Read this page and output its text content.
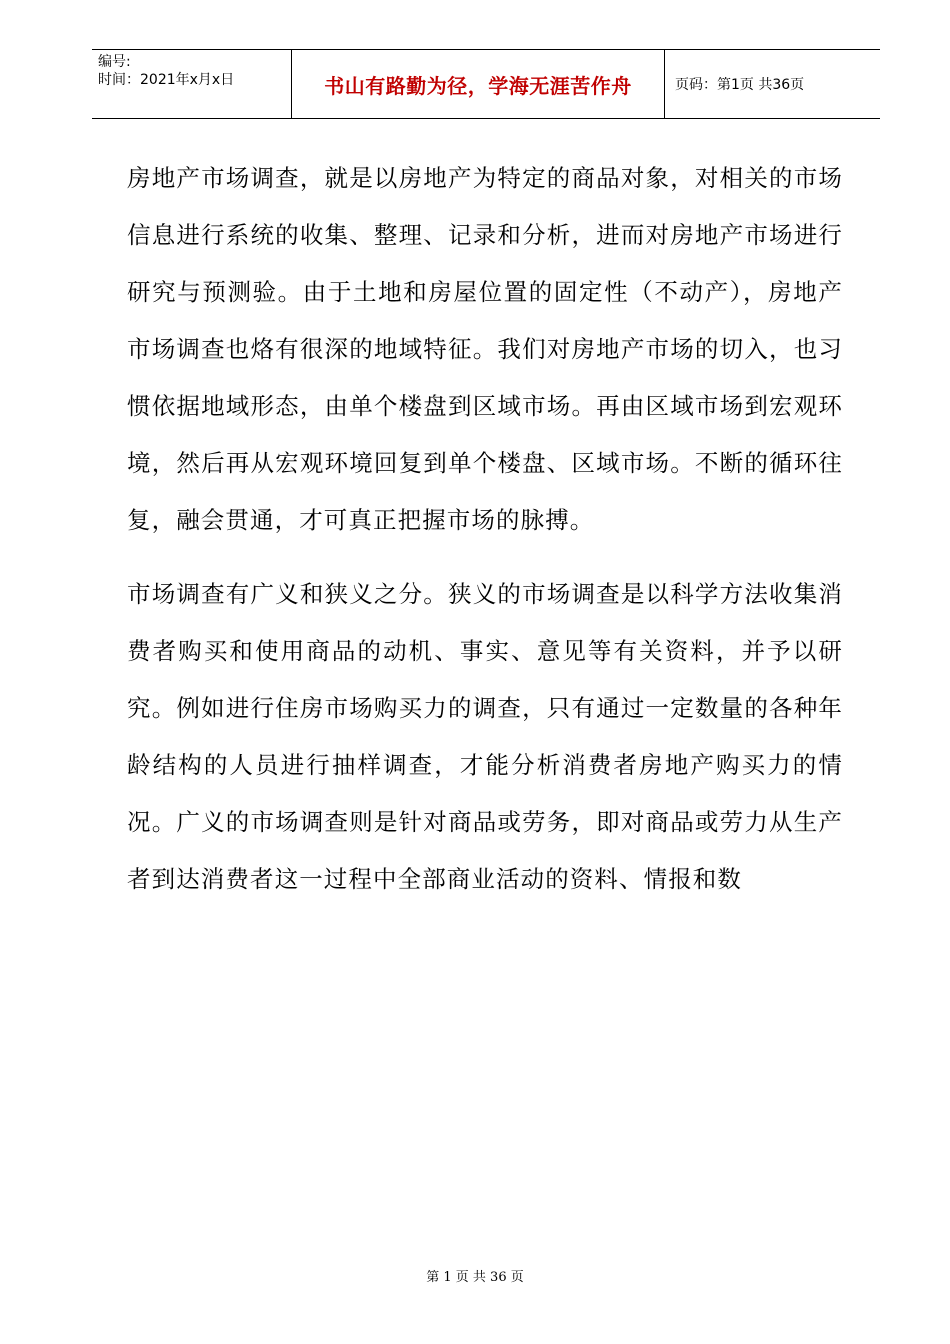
编号:
时间：2021年x月x日	书山有路勤为径，学海无涯苦作舟	页码：第1页 共36页

房地产市场调查，就是以房地产为特定的商品对象，对相关的市场信息进行系统的收集、整理、记录和分析，进而对房地产市场进行研究与预测验。由于土地和房屋位置的固定性（不动产），房地产市场调查也烙有很深的地域特征。我们对房地产市场的切入，也习惯依据地域形态，由单个楼盘到区域市场。再由区域市场到宏观环境，然后再从宏观环境回复到单个楼盘、区域市场。不断的循环往复，融会贯通，才可真正把握市场的脉搏。

市场调查有广义和狭义之分。狭义的市场调查是以科学方法收集消费者购买和使用商品的动机、事实、意见等有关资料，并予以研究。例如进行住房市场购买力的调查，只有通过一定数量的各种年龄结构的人员进行抽样调查，才能分析消费者房地产购买力的情况。广义的市场调查则是针对商品或劳务，即对商品或劳力从生产者到达消费者这一过程中全部商业活动的资料、情报和数

第 1 页 共 36 页
